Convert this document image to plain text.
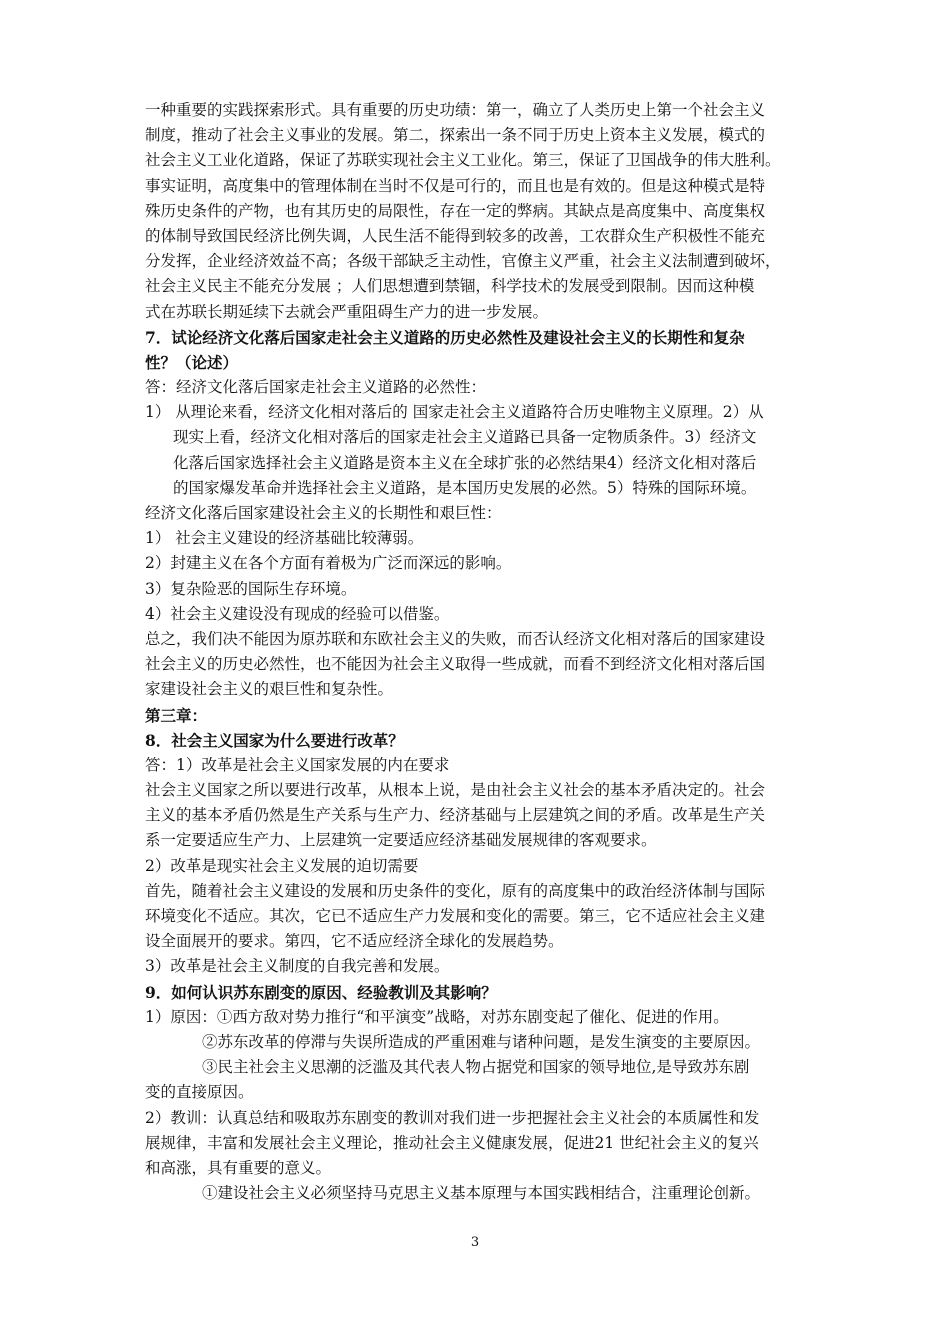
一种重要的实践探索形式。具有重要的历史功绩：第一，确立了人类历史上第一个社会主义
制度，推动了社会主义事业的发展。第二，探索出一条不同于历史上资本主义发展，模式的
社会主义工业化道路，保证了苏联实现社会主义工业化。第三，保证了卫国战争的伟大胜利。
事实证明，高度集中的管理体制在当时不仅是可行的，而且也是有效的。但是这种模式是特
殊历史条件的产物，也有其历史的局限性，存在一定的弊病。其缺点是高度集中、高度集权
的体制导致国民经济比例失调，人民生活不能得到较多的改善，工农群众生产积极性不能充
分发挥，企业经济效益不高；各级干部缺乏主动性，官僚主义严重，社会主义法制遭到破坏，
社会主义民主不能充分发展 ；人们思想遭到禁锢，科学技术的发展受到限制。因而这种模
式在苏联长期延续下去就会严重阻碍生产力的进一步发展。
7．试论经济文化落后国家走社会主义道路的历史必然性及建设社会主义的长期性和复杂
性？（论述）
答：经济文化落后国家走社会主义道路的必然性：
1） 从理论来看，经济文化相对落后的 国家走社会主义道路符合历史唯物主义原理。2）从
现实上看，经济文化相对落后的国家走社会主义道路已具备一定物质条件。3）经济文
化落后国家选择社会主义道路是资本主义在全球扩张的必然结果4）经济文化相对落后
的国家爆发革命并选择社会主义道路，是本国历史发展的必然。5）特殊的国际环境。
经济文化落后国家建设社会主义的长期性和艰巨性：
1） 社会主义建设的经济基础比较薄弱。
2）封建主义在各个方面有着极为广泛而深远的影响。
3）复杂险恶的国际生存环境。
4）社会主义建设没有现成的经验可以借鉴。
总之，我们决不能因为原苏联和东欧社会主义的失败，而否认经济文化相对落后的国家建设
社会主义的历史必然性，也不能因为社会主义取得一些成就，而看不到经济文化相对落后国
家建设社会主义的艰巨性和复杂性。
第三章：
8．社会主义国家为什么要进行改革？
答：1）改革是社会主义国家发展的内在要求
社会主义国家之所以要进行改革，从根本上说，是由社会主义社会的基本矛盾决定的。社会
主义的基本矛盾仍然是生产关系与生产力、经济基础与上层建筑之间的矛盾。改革是生产关
系一定要适应生产力、上层建筑一定要适应经济基础发展规律的客观要求。
2）改革是现实社会主义发展的迫切需要
首先，随着社会主义建设的发展和历史条件的变化，原有的高度集中的政治经济体制与国际
环境变化不适应。其次，它已不适应生产力发展和变化的需要。第三，它不适应社会主义建
设全面展开的要求。第四，它不适应经济全球化的发展趋势。
3）改革是社会主义制度的自我完善和发展。
9．如何认识苏东剧变的原因、经验教训及其影响？
1）原因：①西方敌对势力推行“和平演变”战略，对苏东剧变起了催化、促进的作用。
②苏东改革的停滞与失误所造成的严重困难与诸种问题，是发生演变的主要原因。
③民主社会主义思潮的泛滥及其代表人物占据党和国家的领导地位,是导致苏东剧
变的直接原因。
2）教训：认真总结和吸取苏东剧变的教训对我们进一步把握社会主义社会的本质属性和发
展规律，丰富和发展社会主义理论，推动社会主义健康发展，促进21 世纪社会主义的复兴
和高涨，具有重要的意义。
①建设社会主义必须坚持马克思主义基本原理与本国实践相结合，注重理论创新。
3
